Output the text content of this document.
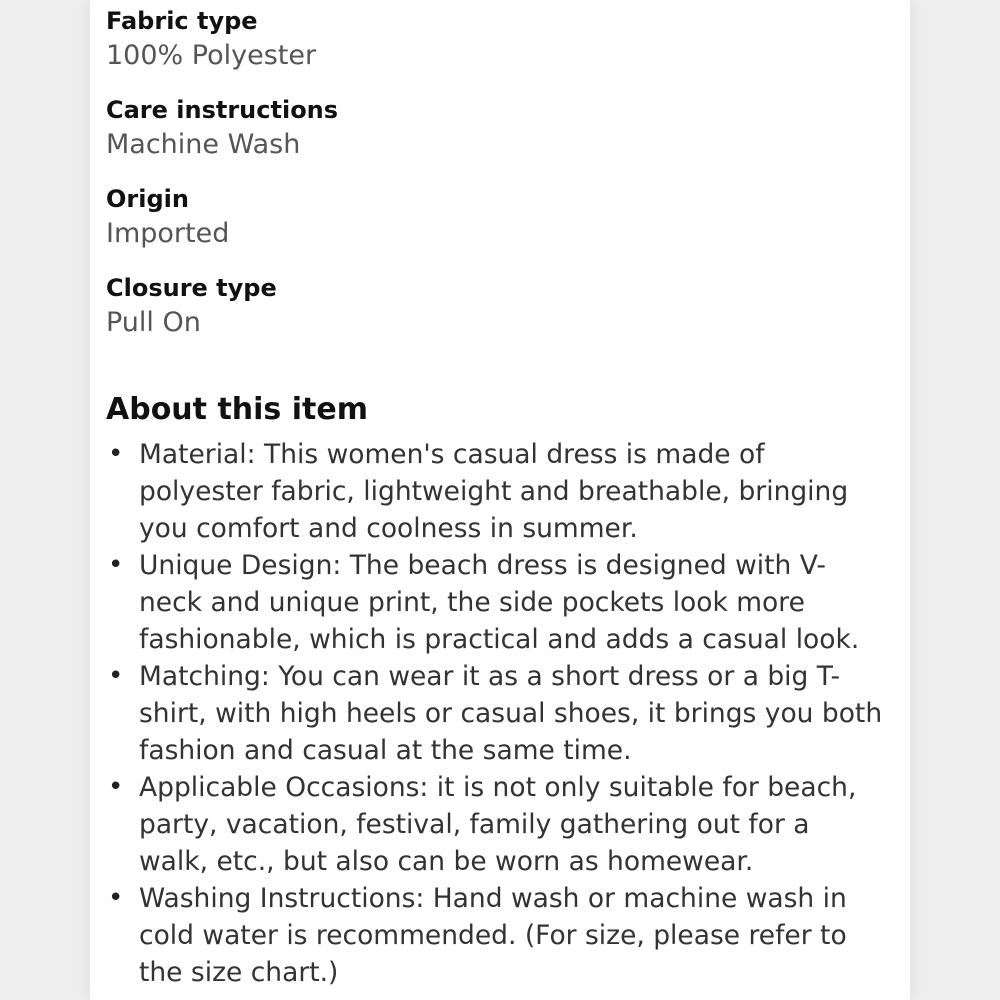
Fabric type

100% Polyester

Care instructions

Machine Wash

Origin

Imported

Closure type

Pull On

About this item
• Material: This women's casual dress is made of polyester fabric, lightweight and breathable, bringing you comfort and coolness in summer.
• Unique Design: The beach dress is designed with V-neck and unique print, the side pockets look more fashionable, which is practical and adds a casual look.
• Matching: You can wear it as a short dress or a big T-shirt, with high heels or casual shoes, it brings you both fashion and casual at the same time.
• Applicable Occasions: it is not only suitable for beach, party, vacation, festival, family gathering out for a walk, etc., but also can be worn as homewear.
• Washing Instructions: Hand wash or machine wash in cold water is recommended. (For size, please refer to the size chart.)
